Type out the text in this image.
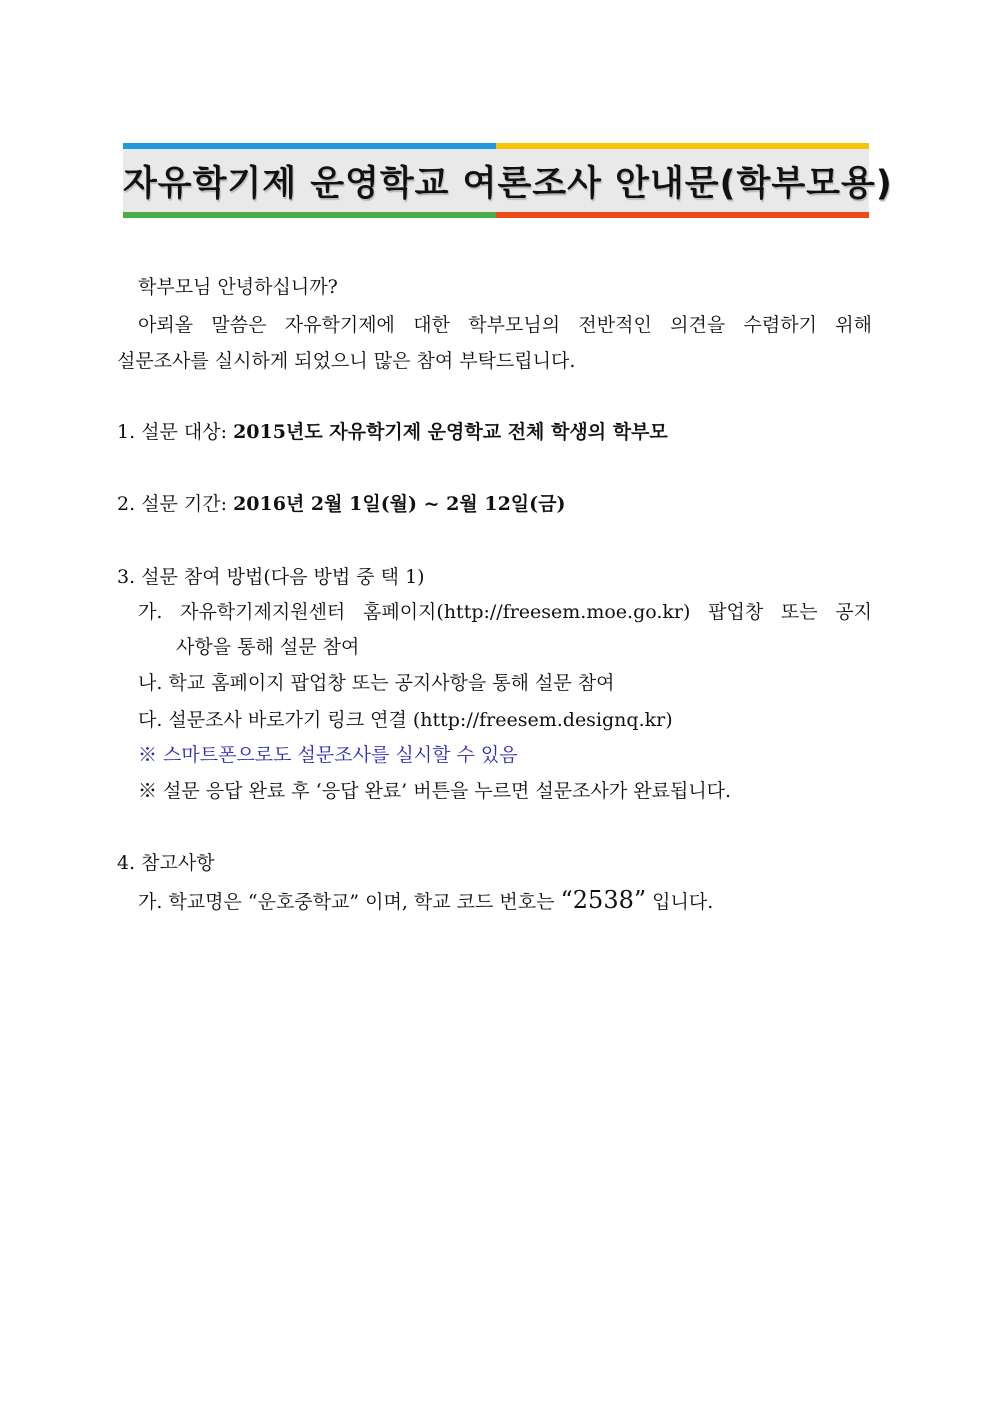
자유학기제 운영학교 여론조사 안내문(학부모용)
학부모님 안녕하십니까?
아뢰올 말씀은 자유학기제에 대한 학부모님의 전반적인 의견을 수렴하기 위해
설문조사를 실시하게 되었으니 많은 참여 부탁드립니다.
1. 설문 대상: 2015년도 자유학기제 운영학교 전체 학생의 학부모
2. 설문 기간: 2016년 2월 1일(월) ~ 2월 12일(금)
3. 설문 참여 방법(다음 방법 중 택 1)
가. 자유학기제지원센터 홈페이지(http://freesem.moe.go.kr) 팝업창 또는 공지
사항을 통해 설문 참여
나. 학교 홈페이지 팝업창 또는 공지사항을 통해 설문 참여
다. 설문조사 바로가기 링크 연결 (http://freesem.designq.kr)
※ 스마트폰으로도 설문조사를 실시할 수 있음
※ 설문 응답 완료 후 ‘응답 완료’ 버튼을 누르면 설문조사가 완료됩니다.
4. 참고사항
가. 학교명은 “운호중학교” 이며, 학교 코드 번호는 “2538” 입니다.
